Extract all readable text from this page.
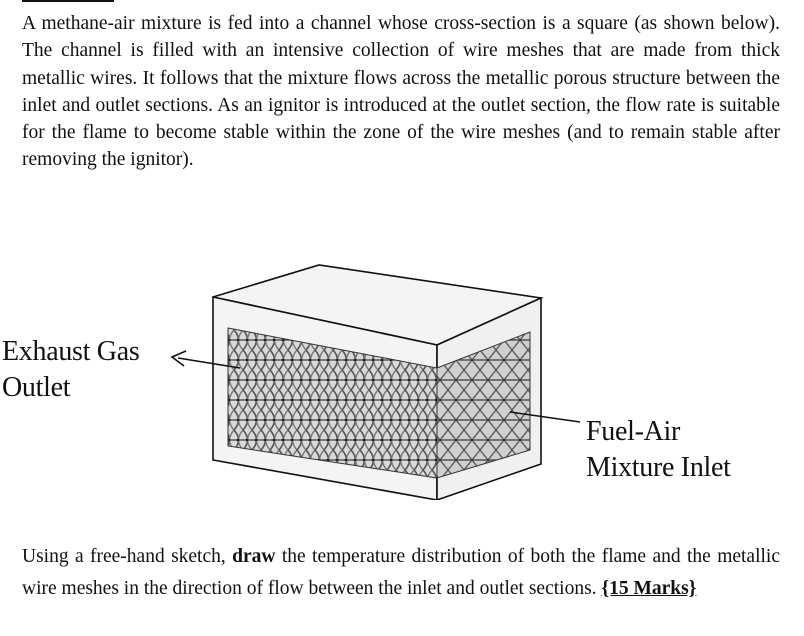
A methane-air mixture is fed into a channel whose cross-section is a square (as shown below). The channel is filled with an intensive collection of wire meshes that are made from thick metallic wires. It follows that the mixture flows across the metallic porous structure between the inlet and outlet sections. As an ignitor is introduced at the outlet section, the flow rate is suitable for the flame to become stable within the zone of the wire meshes (and to remain stable after removing the ignitor).

Exhaust Gas
Outlet
Fuel-Air
Mixture Inlet

Using a free-hand sketch, draw the temperature distribution of both the flame and the metallic wire meshes in the direction of flow between the inlet and outlet sections. {15 Marks}
